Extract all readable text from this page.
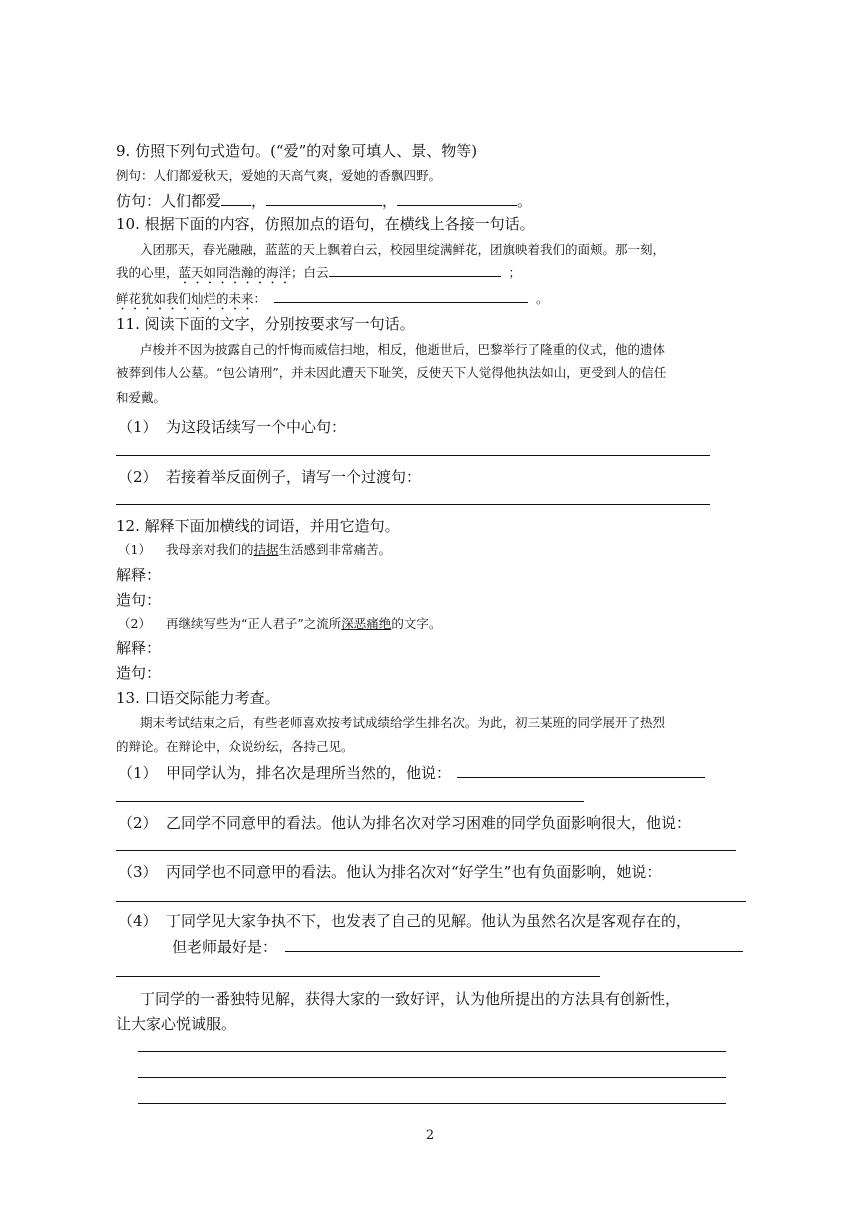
9. 仿照下列句式造句。(“爱”的对象可填人、景、物等)
例句：人们都爱秋天，爱她的天高气爽，爱她的香飘四野。
仿句：人们都爱 ，	，	。
10. 根据下面的内容，仿照加点的语句，在横线上各接一句话。
入团那天，春光融融，蓝蓝的天上飘着白云，校园里绽满鲜花，团旗映着我们的面颊。那一刻，
我的心里，蓝天如同浩瀚的海洋；白云	；
鲜花犹如我们灿烂的未来：	。
11. 阅读下面的文字，分别按要求写一句话。
卢梭并不因为披露自己的忏悔而威信扫地，相反，他逝世后，巴黎举行了隆重的仪式，他的遗体
被葬到伟人公墓。“包公请刑”，并未因此遭天下耻笑，反使天下人觉得他执法如山，更受到人的信任
和爱戴。
（1） 为这段话续写一个中心句：
（2） 若接着举反面例子，请写一个过渡句：
12. 解释下面加横线的词语，并用它造句。
（1） 我母亲对我们的拮据生活感到非常痛苦。
解释：
造句：
（2） 再继续写些为“正人君子”之流所深恶痛绝的文字。
解释：
造句：
13. 口语交际能力考查。
期末考试结束之后，有些老师喜欢按考试成绩给学生排名次。为此，初三某班的同学展开了热烈
的辩论。在辩论中，众说纷纭，各持己见。
（1） 甲同学认为，排名次是理所当然的，他说：
（2） 乙同学不同意甲的看法。他认为排名次对学习困难的同学负面影响很大，他说：
（3） 丙同学也不同意甲的看法。他认为排名次对“好学生”也有负面影响，她说：
（4） 丁同学见大家争执不下，也发表了自己的见解。他认为虽然名次是客观存在的，
但老师最好是：
丁同学的一番独特见解，获得大家的一致好评，认为他所提出的方法具有创新性，
让大家心悦诚服。
2
